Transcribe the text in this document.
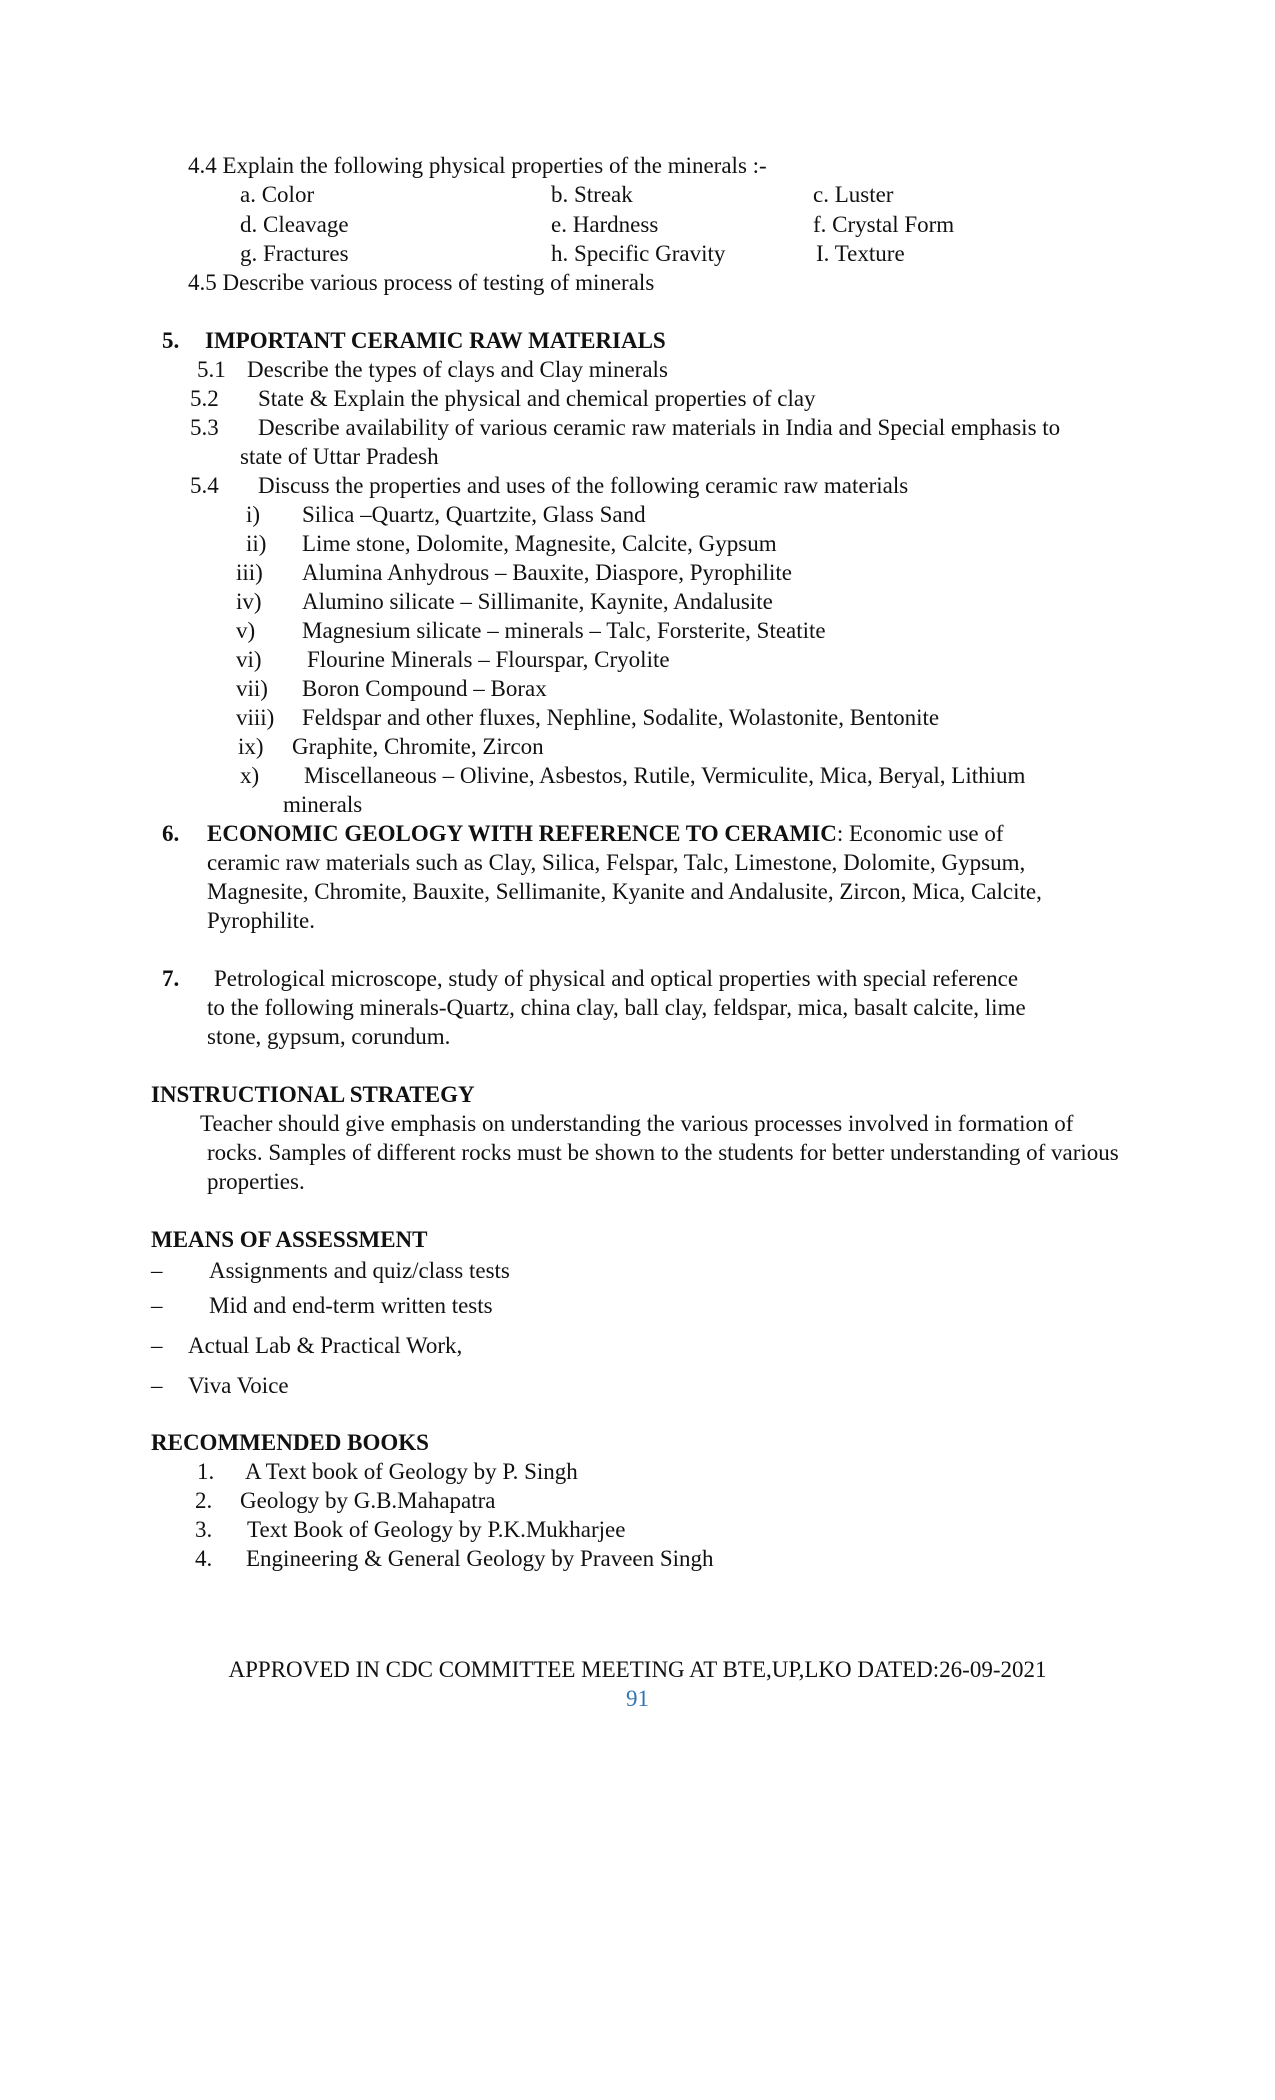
4.4 Explain the following physical properties of the minerals :-
a. Color	b. Streak	c. Luster
d. Cleavage	e. Hardness	f. Crystal Form
g. Fractures	h. Specific Gravity	I. Texture
4.5 Describe various process of testing of minerals
5. IMPORTANT CERAMIC RAW MATERIALS
5.1 Describe the types of clays and Clay minerals
5.2 State & Explain the physical and chemical properties of clay
5.3 Describe availability of various ceramic raw materials in India and Special emphasis to
state of Uttar Pradesh
5.4 Discuss the properties and uses of the following ceramic raw materials
i) Silica –Quartz, Quartzite, Glass Sand
ii) Lime stone, Dolomite, Magnesite, Calcite, Gypsum
iii) Alumina Anhydrous – Bauxite, Diaspore, Pyrophilite
iv) Alumino silicate – Sillimanite, Kaynite, Andalusite
v) Magnesium silicate – minerals – Talc, Forsterite, Steatite
vi) Flourine Minerals – Flourspar, Cryolite
vii) Boron Compound – Borax
viii) Feldspar and other fluxes, Nephline, Sodalite, Wolastonite, Bentonite
ix) Graphite, Chromite, Zircon
x) Miscellaneous – Olivine, Asbestos, Rutile, Vermiculite, Mica, Beryal, Lithium
minerals
6. ECONOMIC GEOLOGY WITH REFERENCE TO CERAMIC: Economic use of
ceramic raw materials such as Clay, Silica, Felspar, Talc, Limestone, Dolomite, Gypsum,
Magnesite, Chromite, Bauxite, Sellimanite, Kyanite and Andalusite, Zircon, Mica, Calcite,
Pyrophilite.
7. Petrological microscope, study of physical and optical properties with special reference
to the following minerals-Quartz, china clay, ball clay, feldspar, mica, basalt calcite, lime
stone, gypsum, corundum.
INSTRUCTIONAL STRATEGY
Teacher should give emphasis on understanding the various processes involved in formation of
rocks. Samples of different rocks must be shown to the students for better understanding of various
properties.
MEANS OF ASSESSMENT
– Assignments and quiz/class tests
– Mid and end-term written tests
– Actual Lab & Practical Work,
– Viva Voice
RECOMMENDED BOOKS
1. A Text book of Geology by P. Singh
2. Geology by G.B.Mahapatra
3. Text Book of Geology by P.K.Mukharjee
4. Engineering & General Geology by Praveen Singh
APPROVED IN CDC COMMITTEE MEETING AT BTE,UP,LKO DATED:26-09-2021
91
